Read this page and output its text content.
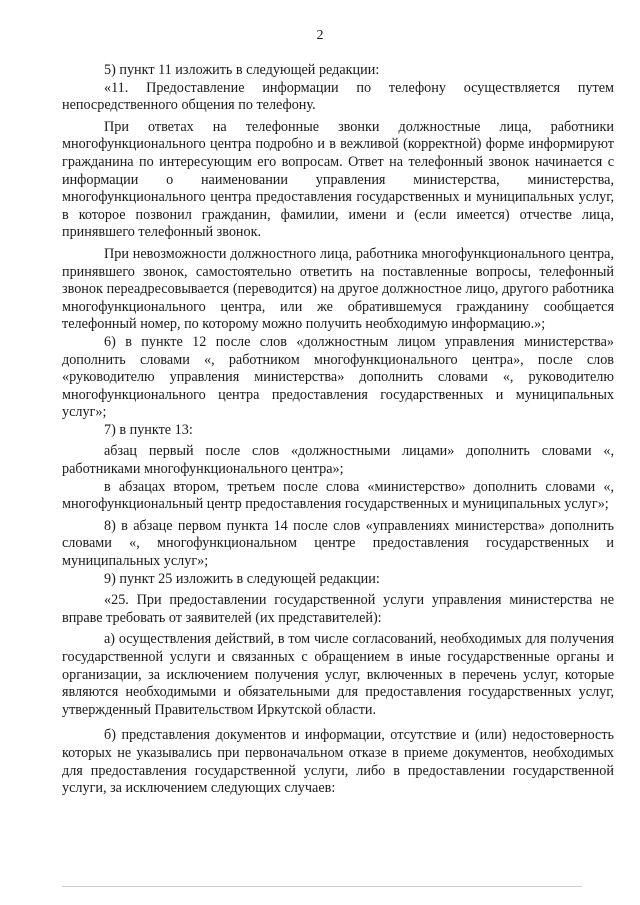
2

5) пункт 11 изложить в следующей редакции:

«11. Предоставление информации по телефону осуществляется путем непосредственного общения по телефону.

При ответах на телефонные звонки должностные лица, работники многофункционального центра подробно и в вежливой (корректной) форме информируют гражданина по интересующим его вопросам. Ответ на телефонный звонок начинается с информации о наименовании управления министерства, министерства, многофункционального центра предоставления государственных и муниципальных услуг, в которое позвонил гражданин, фамилии, имени и (если имеется) отчестве лица, принявшего телефонный звонок.

При невозможности должностного лица, работника многофункционального центра, принявшего звонок, самостоятельно ответить на поставленные вопросы, телефонный звонок переадресовывается (переводится) на другое должностное лицо, другого работника многофункционального центра, или же обратившемуся гражданину сообщается телефонный номер, по которому можно получить необходимую информацию.»;

6) в пункте 12 после слов «должностным лицом управления министерства» дополнить словами «, работником многофункционального центра», после слов «руководителю управления министерства» дополнить словами «, руководителю многофункционального центра предоставления государственных и муниципальных услуг»;

7) в пункте 13:

абзац первый после слов «должностными лицами» дополнить словами «, работниками многофункционального центра»;

в абзацах втором, третьем после слова «министерство» дополнить словами «, многофункциональный центр предоставления государственных и муниципальных услуг»;

8) в абзаце первом пункта 14 после слов «управлениях министерства» дополнить словами «, многофункциональном центре предоставления государственных и муниципальных услуг»;

9) пункт 25 изложить в следующей редакции:

«25. При предоставлении государственной услуги управления министерства не вправе требовать от заявителей (их представителей):

а) осуществления действий, в том числе согласований, необходимых для получения государственной услуги и связанных с обращением в иные государственные органы и организации, за исключением получения услуг, включенных в перечень услуг, которые являются необходимыми и обязательными для предоставления государственных услуг, утвержденный Правительством Иркутской области.

б) представления документов и информации, отсутствие и (или) недостоверность которых не указывались при первоначальном отказе в приеме документов, необходимых для предоставления государственной услуги, либо в предоставлении государственной услуги, за исключением следующих случаев:
